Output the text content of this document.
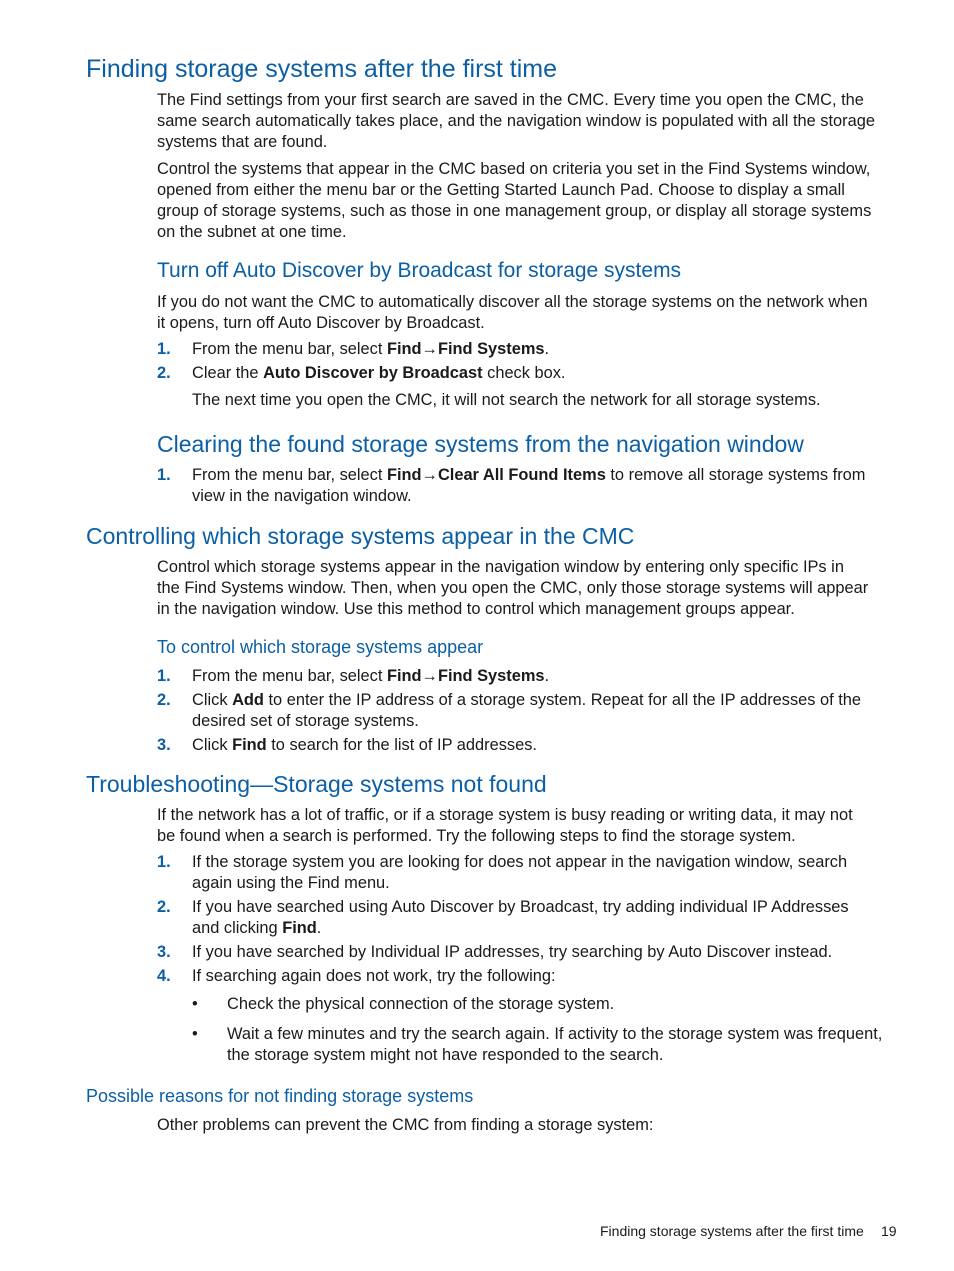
Finding storage systems after the first time
The Find settings from your first search are saved in the CMC. Every time you open the CMC, the
same search automatically takes place, and the navigation window is populated with all the storage
systems that are found.
Control the systems that appear in the CMC based on criteria you set in the Find Systems window,
opened from either the menu bar or the Getting Started Launch Pad. Choose to display a small
group of storage systems, such as those in one management group, or display all storage systems
on the subnet at one time.
Turn off Auto Discover by Broadcast for storage systems
If you do not want the CMC to automatically discover all the storage systems on the network when
it opens, turn off Auto Discover by Broadcast.
1. From the menu bar, select Find→Find Systems.
2. Clear the Auto Discover by Broadcast check box.
The next time you open the CMC, it will not search the network for all storage systems.
Clearing the found storage systems from the navigation window
1. From the menu bar, select Find→Clear All Found Items to remove all storage systems from
view in the navigation window.
Controlling which storage systems appear in the CMC
Control which storage systems appear in the navigation window by entering only specific IPs in
the Find Systems window. Then, when you open the CMC, only those storage systems will appear
in the navigation window. Use this method to control which management groups appear.
To control which storage systems appear
1. From the menu bar, select Find→Find Systems.
2. Click Add to enter the IP address of a storage system. Repeat for all the IP addresses of the
desired set of storage systems.
3. Click Find to search for the list of IP addresses.
Troubleshooting—Storage systems not found
If the network has a lot of traffic, or if a storage system is busy reading or writing data, it may not
be found when a search is performed. Try the following steps to find the storage system.
1. If the storage system you are looking for does not appear in the navigation window, search
again using the Find menu.
2. If you have searched using Auto Discover by Broadcast, try adding individual IP Addresses
and clicking Find.
3. If you have searched by Individual IP addresses, try searching by Auto Discover instead.
4. If searching again does not work, try the following:
• Check the physical connection of the storage system.
• Wait a few minutes and try the search again. If activity to the storage system was frequent,
the storage system might not have responded to the search.
Possible reasons for not finding storage systems
Other problems can prevent the CMC from finding a storage system:
Finding storage systems after the first time 19
